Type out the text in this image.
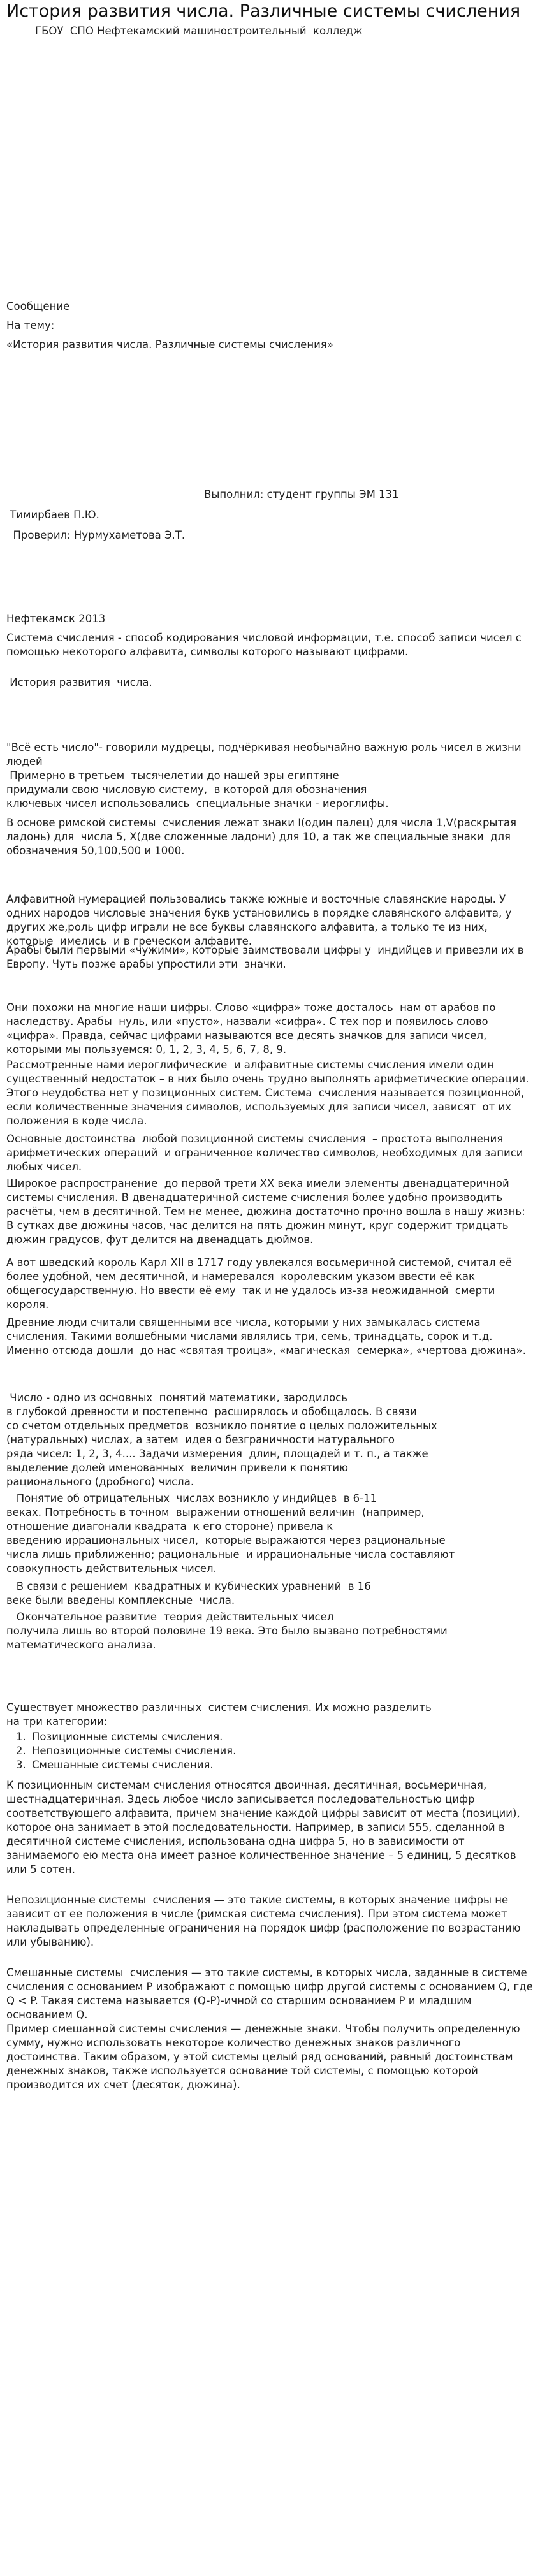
История развития числа. Различные системы счисления
ГБОУ  СПО Нефтекамский машиностроительный  колледж
Сообщение
На тему:
«История развития числа. Различные системы счисления»
Выполнил: студент группы ЭМ 131
Тимирбаев П.Ю.
Проверил: Нурмухаметова Э.Т.
Нефтекамск 2013
Система счисления - способ кодирования числовой информации, т.е. способ записи чисел с помощью некоторого алфавита, символы которого называют цифрами.
История развития  числа.
"Всё есть число"- говорили мудрецы, подчёркивая необычайно важную роль чисел в жизни людей
Примерно в третьем  тысячелетии до нашей эры египтяне
придумали свою числовую систему,  в которой для обозначения
ключевых чисел использовались  специальные значки - иероглифы.
В основе римской системы  счисления лежат знаки I(один палец) для числа 1,V(раскрытая ладонь) для  числа 5, X(две сложенные ладони) для 10, а так же специальные знаки  для обозначения 50,100,500 и 1000.
Алфавитной нумерацией пользовались также южные и восточные славянские народы. У одних народов числовые значения букв установились в порядке славянского алфавита, у других же,роль цифр играли не все буквы славянского алфавита, а только те из них, которые  имелись  и в греческом алфавите.
Арабы были первыми «чужими», которые заимствовали цифры у  индийцев и привезли их в Европу. Чуть позже арабы упростили эти  значки.
Они похожи на многие наши цифры. Слово «цифра» тоже досталось  нам от арабов по наследству. Арабы  нуль, или «пусто», назвали «сифра». С тех пор и появилось слово «цифра». Правда, сейчас цифрами называются все десять значков для записи чисел, которыми мы пользуемся: 0, 1, 2, 3, 4, 5, 6, 7, 8, 9.
Рассмотренные нами иероглифические  и алфавитные системы счисления имели один существенный недостаток – в них было очень трудно выполнять арифметические операции. Этого неудобства нет у позиционных систем. Система  счисления называется позиционной, если количественные значения символов, используемых для записи чисел, зависят  от их положения в коде числа.
Основные достоинства  любой позиционной системы счисления  – простота выполнения арифметических операций  и ограниченное количество символов, необходимых для записи любых чисел.
Широкое распространение  до первой трети XX века имели элементы двенадцатеричной системы счисления. В двенадцатеричной системе счисления более удобно производить расчёты, чем в десятичной. Тем не менее, дюжина достаточно прочно вошла в нашу жизнь: В сутках две дюжины часов, час делится на пять дюжин минут, круг содержит тридцать дюжин градусов, фут делится на двенадцать дюймов.
А вот шведский король Карл XII в 1717 году увлекался восьмеричной системой, считал её более удобной, чем десятичной, и намеревался  королевским указом ввести её как  общегосударственную. Но ввести её ему  так и не удалось из-за неожиданной  смерти короля.
Древние люди считали священными все числа, которыми у них замыкалась система счисления. Такими волшебными числами являлись три, семь, тринадцать, сорок и т.д. Именно отсюда дошли  до нас «святая троица», «магическая  семерка», «чертова дюжина».
Число - одно из основных  понятий математики, зародилось
в глубокой древности и постепенно  расширялось и обобщалось. В связи
со счетом отдельных предметов  возникло понятие о целых положительных
(натуральных) числах, а затем  идея о безграничности натурального
ряда чисел: 1, 2, 3, 4.... Задачи измерения  длин, площадей и т. п., а также
выделение долей именованных  величин привели к понятию
рационального (дробного) числа.
Понятие об отрицательных  числах возникло у индийцев  в 6-11
веках. Потребность в точном  выражении отношений величин  (например,
отношение диагонали квадрата  к его стороне) привела к
введению иррациональных чисел,  которые выражаются через рациональные
числа лишь приближенно; рациональные  и иррациональные числа составляют
совокупность действительных чисел.
В связи с решением  квадратных и кубических уравнений  в 16
веке были введены комплексные  числа.
Окончательное развитие  теория действительных чисел
получила лишь во второй половине 19 века. Это было вызвано потребностями
математического анализа.
Существует множество различных  систем счисления. Их можно разделить
на три категории:
1. Позиционные системы счисления.
2. Непозиционные системы счисления.
3. Смешанные системы счисления.
К позиционным системам счисления относятся двоичная, десятичная, восьмеричная, шестнадцатеричная. Здесь любое число записывается последовательностью цифр соответствующего алфавита, причем значение каждой цифры зависит от места (позиции), которое она занимает в этой последовательности. Например, в записи 555, сделанной в десятичной системе счисления, использована одна цифра 5, но в зависимости от занимаемого ею места она имеет разное количественное значение – 5 единиц, 5 десятков или 5 сотен.
Непозиционные системы  счисления — это такие системы, в которых значение цифры не зависит от ее положения в числе (римская система счисления). При этом система может накладывать определенные ограничения на порядок цифр (расположение по возрастанию или убыванию).
Смешанные системы  счисления — это такие системы, в которых числа, заданные в системе счисления с основанием P изображают с помощью цифр другой системы с основанием Q, где Q < P. Такая система называется (Q-P)-ичной со старшим основанием P и младшим основанием Q.
Пример смешанной системы счисления — денежные знаки. Чтобы получить определенную сумму, нужно использовать некоторое количество денежных знаков различного достоинства. Таким образом, у этой системы целый ряд оснований, равный достоинствам денежных знаков, также используется основание той системы, с помощью которой производится их счет (десяток, дюжина).
